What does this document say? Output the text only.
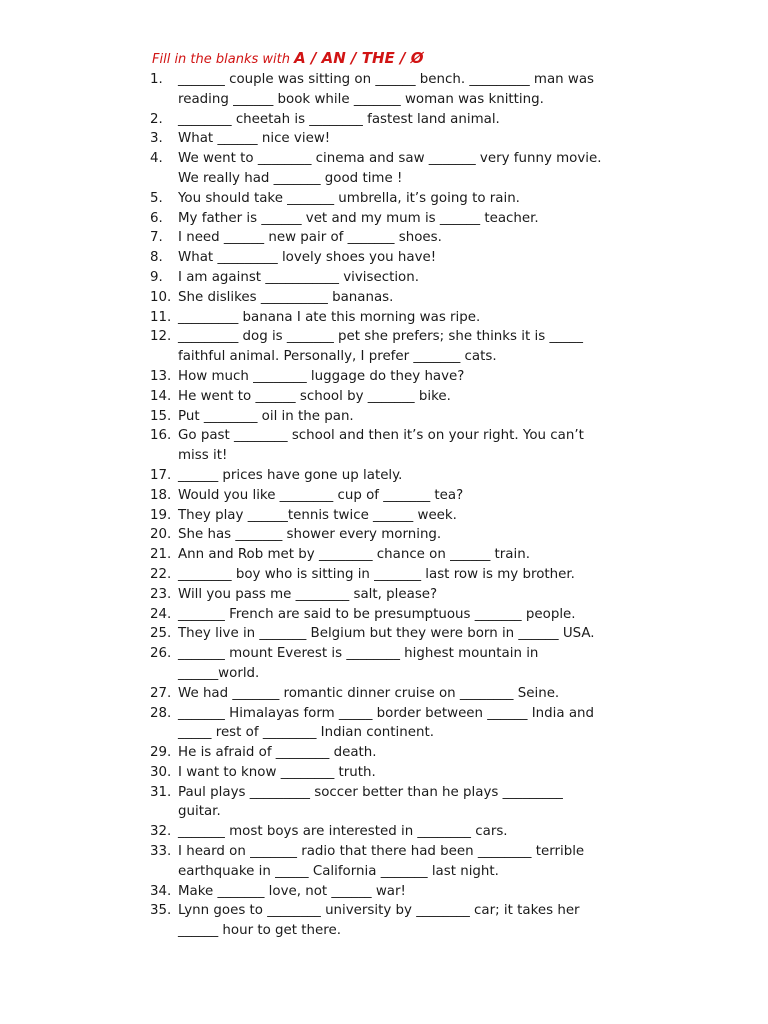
Fill in the blanks with A / AN / THE / Ø
1.	_______ couple was sitting on ______ bench. _________ man was
reading ______ book while _______ woman was knitting.
2.	________ cheetah is ________ fastest land animal.
3.	What ______ nice view!
4.	We went to ________ cinema and saw _______ very funny movie.
We really had _______ good time !
5.	You should take _______ umbrella, it’s going to rain.
6.	My father is ______ vet and my mum is ______ teacher.
7.	I need ______ new pair of _______ shoes.
8.	What _________ lovely shoes you have!
9.	I am against ___________ vivisection.
10. She dislikes __________ bananas.
11. _________ banana I ate this morning was ripe.
12. _________ dog is _______ pet she prefers; she thinks it is _____
faithful animal. Personally, I prefer _______ cats.
13. How much ________ luggage do they have?
14. He went to ______ school by _______ bike.
15. Put ________ oil in the pan.
16. Go past ________ school and then it’s on your right. You can’t
miss it!
17. ______ prices have gone up lately.
18. Would you like ________ cup of _______ tea?
19. They play ______tennis twice ______ week.
20. She has _______ shower every morning.
21. Ann and Rob met by ________ chance on ______ train.
22. ________ boy who is sitting in _______ last row is my brother.
23. Will you pass me ________ salt, please?
24. _______ French are said to be presumptuous _______ people.
25. They live in _______ Belgium but they were born in ______ USA.
26. _______ mount Everest is ________ highest mountain in
______world.
27. We had _______ romantic dinner cruise on ________ Seine.
28. _______ Himalayas form _____ border between ______ India and
_____ rest of ________ Indian continent.
29. He is afraid of ________ death.
30. I want to know ________ truth.
31. Paul plays _________ soccer better than he plays _________
guitar.
32. _______ most boys are interested in ________ cars.
33. I heard on _______ radio that there had been ________ terrible
earthquake in _____ California _______ last night.
34. Make _______ love, not ______ war!
35. Lynn goes to ________ university by ________ car; it takes her
______ hour to get there.
